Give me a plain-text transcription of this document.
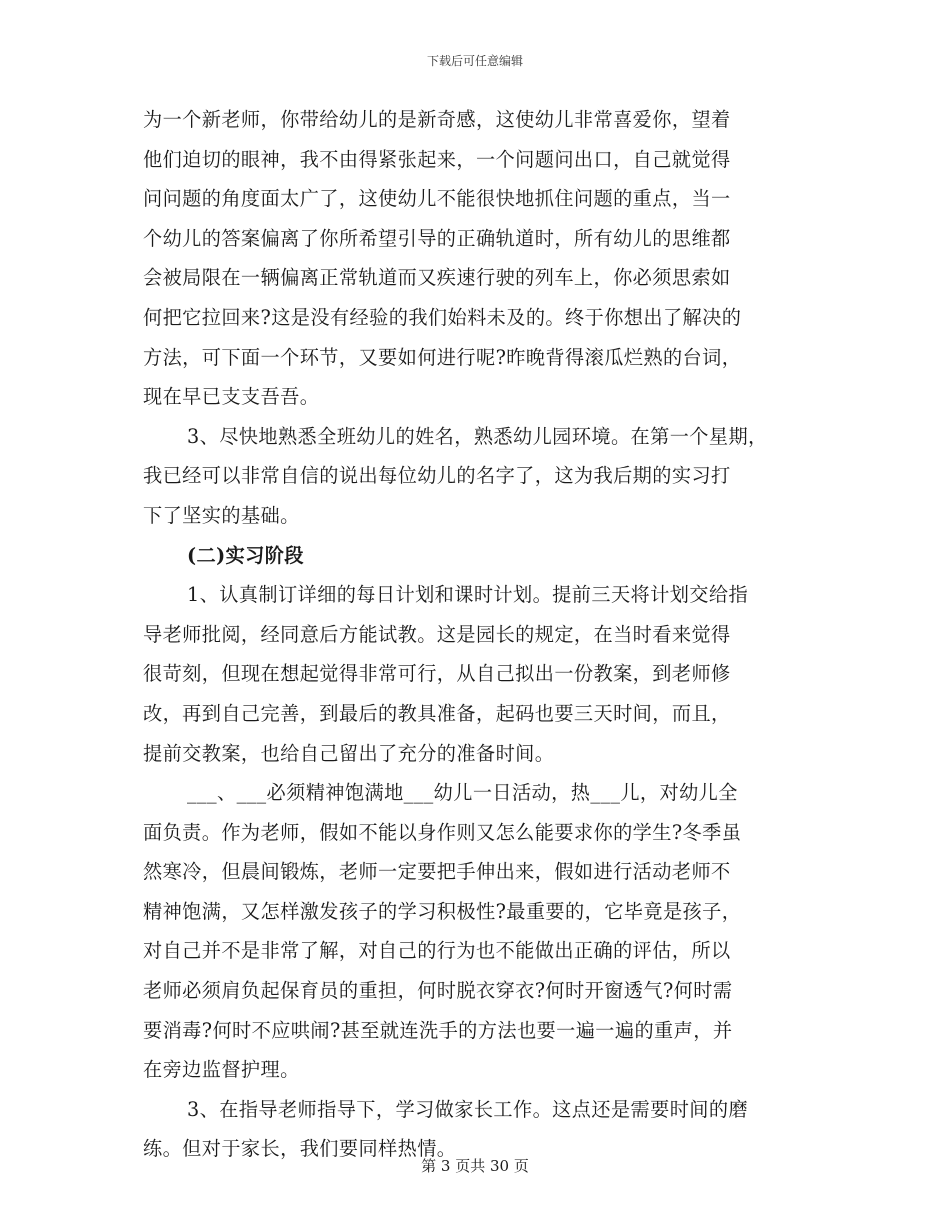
下载后可任意编辑
为一个新老师，你带给幼儿的是新奇感，这使幼儿非常喜爱你，望着
他们迫切的眼神，我不由得紧张起来，一个问题问出口，自己就觉得
问问题的角度面太广了，这使幼儿不能很快地抓住问题的重点，当一
个幼儿的答案偏离了你所希望引导的正确轨道时，所有幼儿的思维都
会被局限在一辆偏离正常轨道而又疾速行驶的列车上，你必须思索如
何把它拉回来?这是没有经验的我们始料未及的。终于你想出了解决的
方法，可下面一个环节，又要如何进行呢?昨晚背得滚瓜烂熟的台词，
现在早已支支吾吾。
3、尽快地熟悉全班幼儿的姓名，熟悉幼儿园环境。在第一个星期，
我已经可以非常自信的说出每位幼儿的名字了，这为我后期的实习打
下了坚实的基础。
(二)实习阶段
1、认真制订详细的每日计划和课时计划。提前三天将计划交给指
导老师批阅，经同意后方能试教。这是园长的规定，在当时看来觉得
很苛刻，但现在想起觉得非常可行，从自己拟出一份教案，到老师修
改，再到自己完善，到最后的教具准备，起码也要三天时间，而且，
提前交教案，也给自己留出了充分的准备时间。
___、___必须精神饱满地___幼儿一日活动，热___儿，对幼儿全
面负责。作为老师，假如不能以身作则又怎么能要求你的学生?冬季虽
然寒冷，但晨间锻炼，老师一定要把手伸出来，假如进行活动老师不
精神饱满，又怎样激发孩子的学习积极性?最重要的，它毕竟是孩子，
对自己并不是非常了解，对自己的行为也不能做出正确的评估，所以
老师必须肩负起保育员的重担，何时脱衣穿衣?何时开窗透气?何时需
要消毒?何时不应哄闹?甚至就连洗手的方法也要一遍一遍的重声，并
在旁边监督护理。
3、在指导老师指导下，学习做家长工作。这点还是需要时间的磨
练。但对于家长，我们要同样热情。
第 3 页共 30 页
